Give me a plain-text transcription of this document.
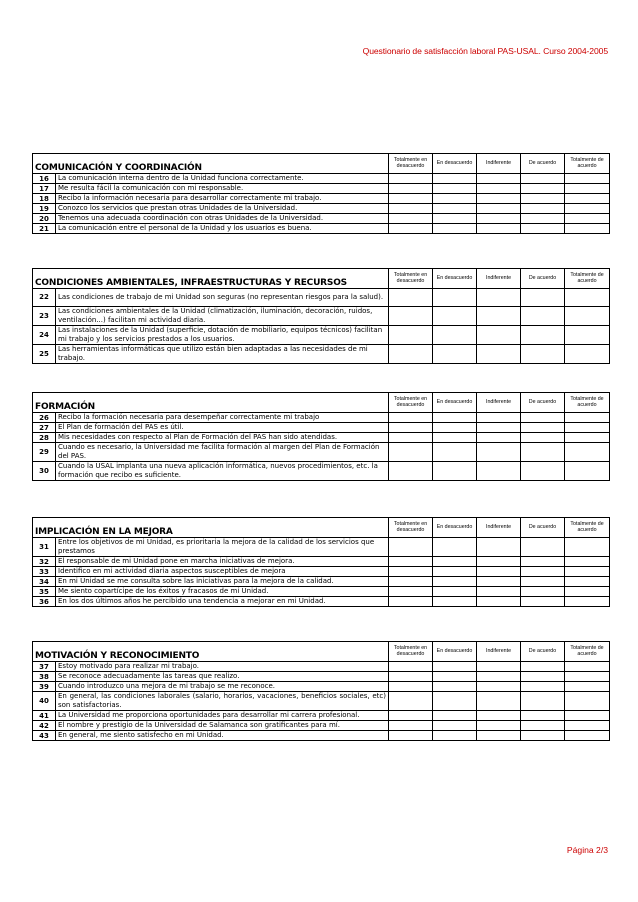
Questionario de satisfacción laboral PAS-USAL. Curso 2004-2005
COMUNICACIÓN Y COORDINACIÓN		Totalmente en desacuerdo	En desacuerdo	Indiferente	De acuerdo	Totalmente de acuerdo
16	La comunicación interna dentro de la Unidad funciona correctamente.					
17	Me resulta fácil la comunicación con mi responsable.					
18	Recibo la información necesaria para desarrollar correctamente mi trabajo.					
19	Conozco los servicios que prestan otras Unidades de la Universidad.					
20	Tenemos una adecuada coordinación con otras Unidades de la Universidad.					
21	La comunicación entre el personal de la Unidad y los usuarios es buena.					
CONDICIONES AMBIENTALES, INFRAESTRUCTURAS Y RECURSOS		Totalmente en desacuerdo	En desacuerdo	Indiferente	De acuerdo	Totalmente de acuerdo
22	Las condiciones de trabajo de mi Unidad son seguras (no representan riesgos para la salud).					
23	Las condiciones ambientales de la Unidad (climatización, iluminación, decoración, ruidos, ventilación...) facilitan mi actividad diaria.					
24	Las instalaciones de la Unidad (superficie, dotación de mobiliario, equipos técnicos) facilitan mi trabajo y los servicios prestados a los usuarios.					
25	Las herramientas informáticas que utilizo están bien adaptadas a las necesidades de mi trabajo.					
FORMACIÓN		Totalmente en desacuerdo	En desacuerdo	Indiferente	De acuerdo	Totalmente de acuerdo
26	Recibo la formación necesaria para desempeñar correctamente mi trabajo					
27	El Plan de formación del PAS es útil.					
28	Mis necesidades con respecto al Plan de Formación del PAS han sido atendidas.					
29	Cuando es necesario, la Universidad me facilita formación al margen del Plan de Formación del PAS.					
30	Cuando la USAL implanta una nueva aplicación informática, nuevos procedimientos, etc. la formación que recibo es suficiente.					
IMPLICACIÓN EN LA MEJORA		Totalmente en desacuerdo	En desacuerdo	Indiferente	De acuerdo	Totalmente de acuerdo
31	Entre los objetivos de mi Unidad, es prioritaria la mejora de la calidad de los servicios que prestamos					
32	El responsable de mi Unidad pone en marcha iniciativas de mejora.					
33	Identifico en mi actividad diaria aspectos susceptibles de mejora					
34	En mi Unidad se me consulta sobre las iniciativas para la mejora de la calidad.					
35	Me siento copartícipe de los éxitos y fracasos de mi Unidad.					
36	En los dos últimos años he percibido una tendencia a mejorar en mi Unidad.					
MOTIVACIÓN Y RECONOCIMIENTO		Totalmente en desacuerdo	En desacuerdo	Indiferente	De acuerdo	Totalmente de acuerdo
37	Estoy motivado para realizar mi trabajo.					
38	Se reconoce adecuadamente las tareas que realizo.					
39	Cuando introduzco una mejora de mi trabajo se me reconoce.					
40	En general, las condiciones laborales (salario, horarios, vacaciones, beneficios sociales, etc) son satisfactorias.					
41	La Universidad me proporciona oportunidades para desarrollar mi carrera profesional.					
42	El nombre y prestigio de la Universidad de Salamanca son gratificantes para mí.					
43	En general, me siento satisfecho en mi Unidad.					
Página 2/3
